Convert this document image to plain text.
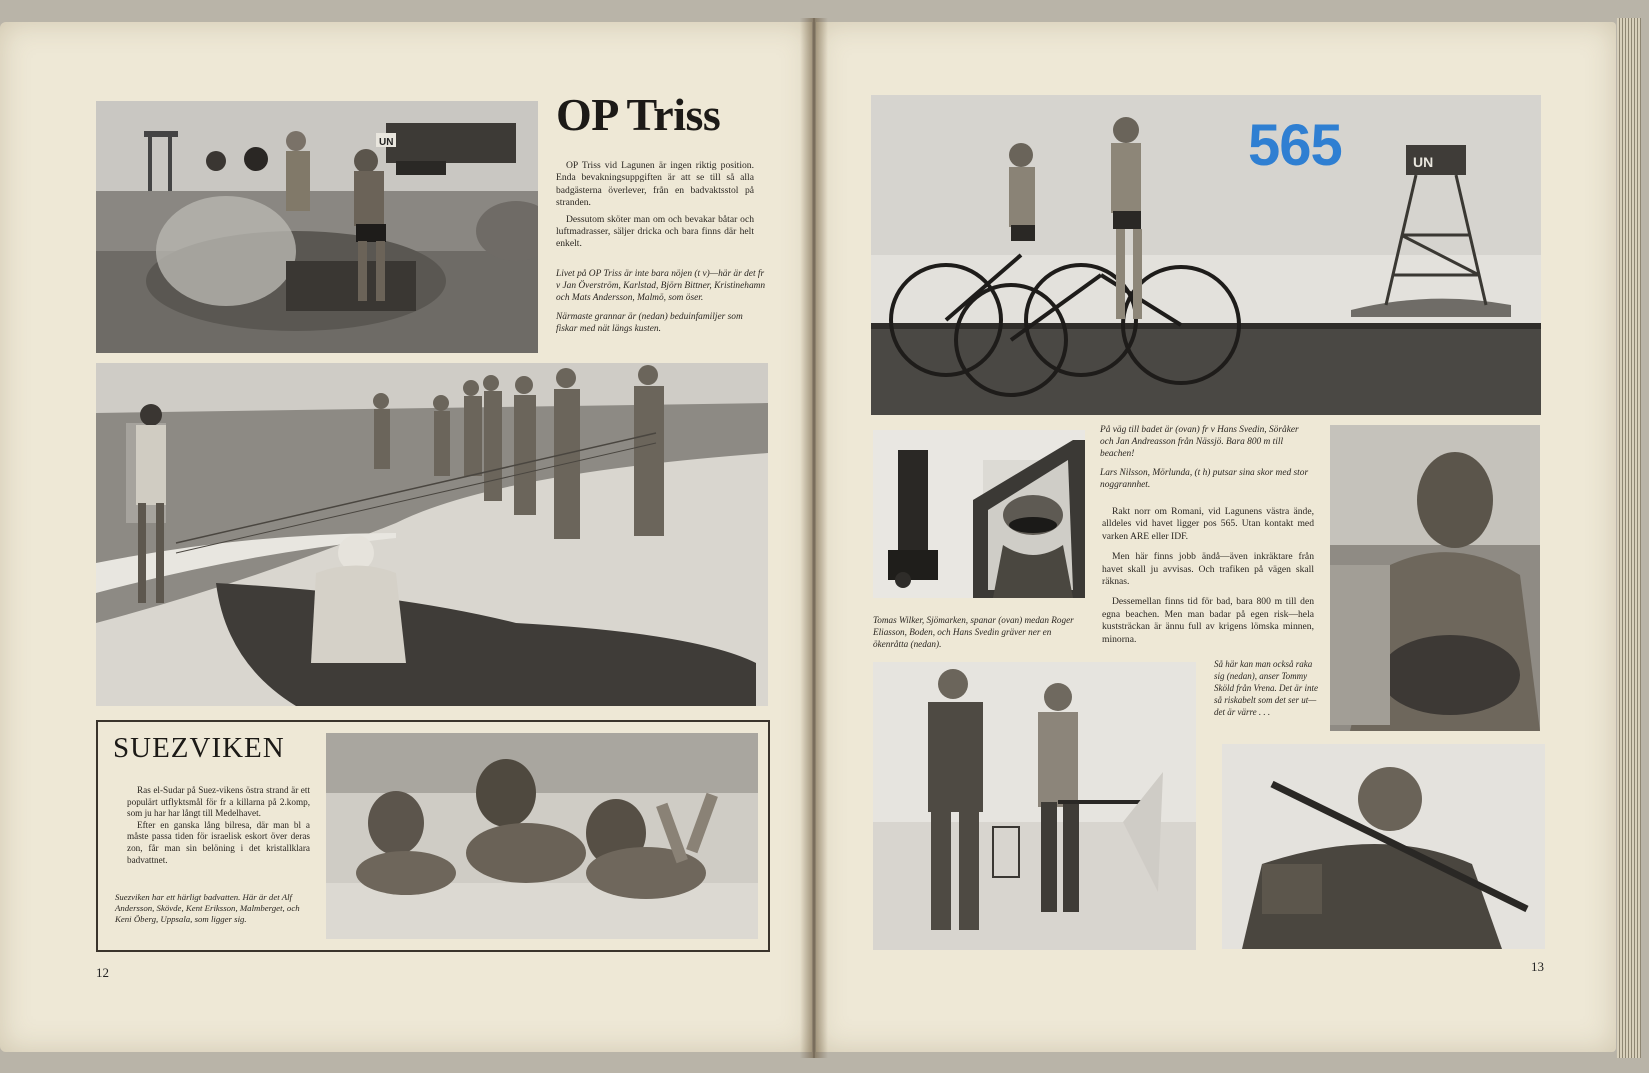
UN
OP Triss

OP Triss vid Lagunen är ingen riktig position. Enda bevakningsuppgiften är att se till så alla badgästerna överlever, från en badvaktsstol på stranden.

Dessutom sköter man om och bevakar båtar och luftmadrasser, säljer dricka och bara finns där helt enkelt.

Livet på OP Triss är inte bara nöjen (t v)—här är det fr v Jan Överström, Karlstad, Björn Bittner, Kristinehamn och Mats Andersson, Malmö, som öser.

Närmaste grannar är (nedan) beduinfamiljer som fiskar med nät längs kusten.

SUEZVIKEN

Ras el-Sudar på Suez-vikens östra strand är ett populärt utflyktsmål för fr a killarna på 2.komp, som ju har har långt till Medelhavet.

Efter en ganska lång bilresa, där man bl a måste passa tiden för israelisk eskort över deras zon, får man sin belöning i det kristallklara badvattnet.

Suezviken har ett härligt badvatten. Här är det Alf Andersson, Skövde, Kent Eriksson, Malmberget, och Keni Öberg, Uppsala, som ligger sig.
12
UN
565
Tomas Wilker, Sjömarken, spanar (ovan) medan Roger Eliasson, Boden, och Hans Svedin gräver ner en ökenråtta (nedan).

På väg till badet är (ovan) fr v Hans Svedin, Söråker och Jan Andreasson från Nässjö. Bara 800 m till beachen!

Lars Nilsson, Mörlunda, (t h) putsar sina skor med stor noggrannhet.

Rakt norr om Romani, vid Lagunens västra ände, alldeles vid havet ligger pos 565. Utan kontakt med varken ARE eller IDF.

Men här finns jobb ändå—även inkräktare från havet skall ju avvisas. Och trafiken på vägen skall räknas.

Dessemellan finns tid för bad, bara 800 m till den egna beachen. Men man badar på egen risk—hela kuststräckan är ännu full av krigens lömska minnen, minorna.

Så här kan man också raka sig (nedan), anser Tommy Sköld från Vrena. Det är inte så riskabelt som det ser ut—det är värre . . .
13
